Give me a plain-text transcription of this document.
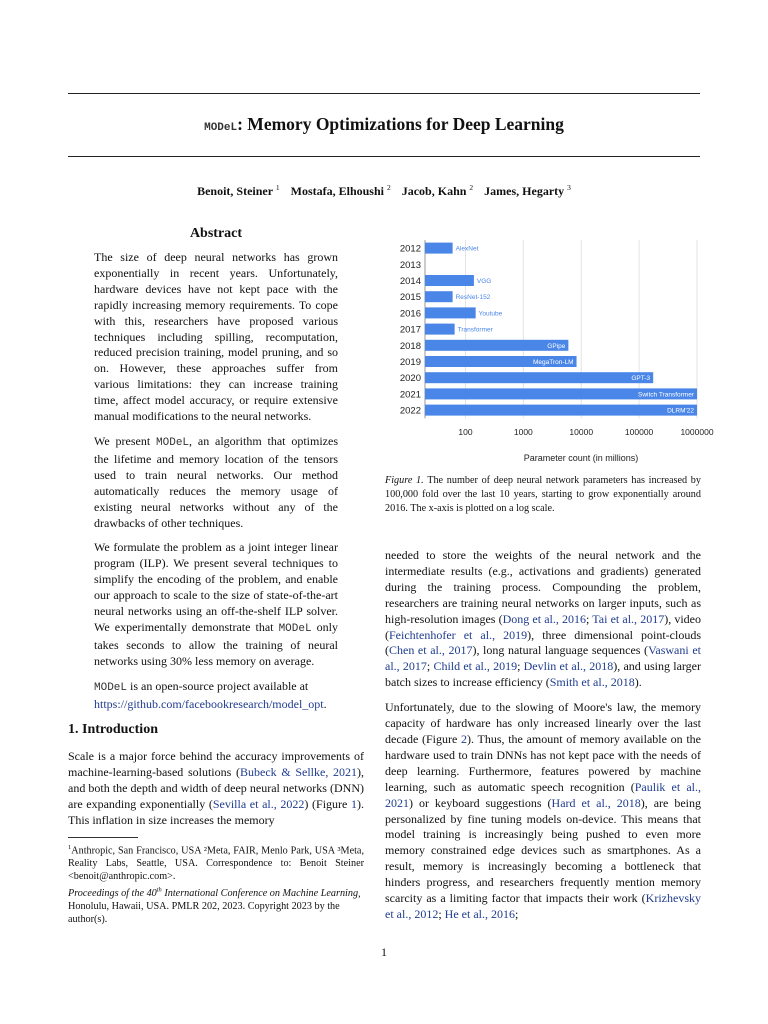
MODeL: Memory Optimizations for Deep Learning
Benoit, Steiner $^1$ Mostafa, Elhoushi $^2$ Jacob, Kahn $^2$ James, Hegarty $^3$
Abstract

The size of deep neural networks has grown exponentially in recent years. Unfortunately, hardware devices have not kept pace with the rapidly increasing memory requirements. To cope with this, researchers have proposed various techniques including spilling, recomputation, reduced precision training, model pruning, and so on. However, these approaches suffer from various limitations: they can increase training time, affect model accuracy, or require extensive manual modifications to the neural networks.

We present MODeL, an algorithm that optimizes the lifetime and memory location of the tensors used to train neural networks. Our method automatically reduces the memory usage of existing neural networks without any of the drawbacks of other techniques.

We formulate the problem as a joint integer linear program (ILP). We present several techniques to simplify the encoding of the problem, and enable our approach to scale to the size of state-of-the-art neural networks using an off-the-shelf ILP solver. We experimentally demonstrate that MODeL only takes seconds to allow the training of neural networks using 30% less memory on average.

MODeL is an open-source project available at https://github.com/facebookresearch/model_opt.

1. Introduction

Scale is a major force behind the accuracy improvements of machine-learning-based solutions (Bubeck & Sellke, 2021), and both the depth and width of deep neural networks (DNN) are expanding exponentially (Sevilla et al., 2022) (Figure 1). This inflation in size increases the memory

$^1$Anthropic, San Francisco, USA ²Meta, FAIR, Menlo Park, USA ³Meta, Reality Labs, Seattle, USA. Correspondence to: Benoit Steiner <benoit@anthropic.com>.
Proceedings of the 40th International Conference on Machine Learning, Honolulu, Hawaii, USA. PMLR 202, 2023. Copyright 2023 by the author(s).
2012	AlexNet
2013
2014	VGG
2015	ResNet-152
2016	Youtube
2017	Transformer
2018	GPipe
2019	MegaTron-LM
2020	GPT-3
2021	Switch Transformer
2022	DLRM'22
100	1000	10000	100000	1000000
Parameter count (in millions)
Figure 1. The number of deep neural network parameters has increased by 100,000 fold over the last 10 years, starting to grow exponentially around 2016. The x-axis is plotted on a log scale.

needed to store the weights of the neural network and the intermediate results (e.g., activations and gradients) generated during the training process. Compounding the problem, researchers are training neural networks on larger inputs, such as high-resolution images (Dong et al., 2016; Tai et al., 2017), video (Feichtenhofer et al., 2019), three dimensional point-clouds (Chen et al., 2017), long natural language sequences (Vaswani et al., 2017; Child et al., 2019; Devlin et al., 2018), and using larger batch sizes to increase efficiency (Smith et al., 2018).

Unfortunately, due to the slowing of Moore's law, the memory capacity of hardware has only increased linearly over the last decade (Figure 2). Thus, the amount of memory available on the hardware used to train DNNs has not kept pace with the needs of deep learning. Furthermore, features powered by machine learning, such as automatic speech recognition (Paulik et al., 2021) or keyboard suggestions (Hard et al., 2018), are being personalized by fine tuning models on-device. This means that model training is increasingly being pushed to even more memory constrained edge devices such as smartphones. As a result, memory is increasingly becoming a bottleneck that hinders progress, and researchers frequently mention memory scarcity as a limiting factor that impacts their work (Krizhevsky et al., 2012; He et al., 2016;

1
